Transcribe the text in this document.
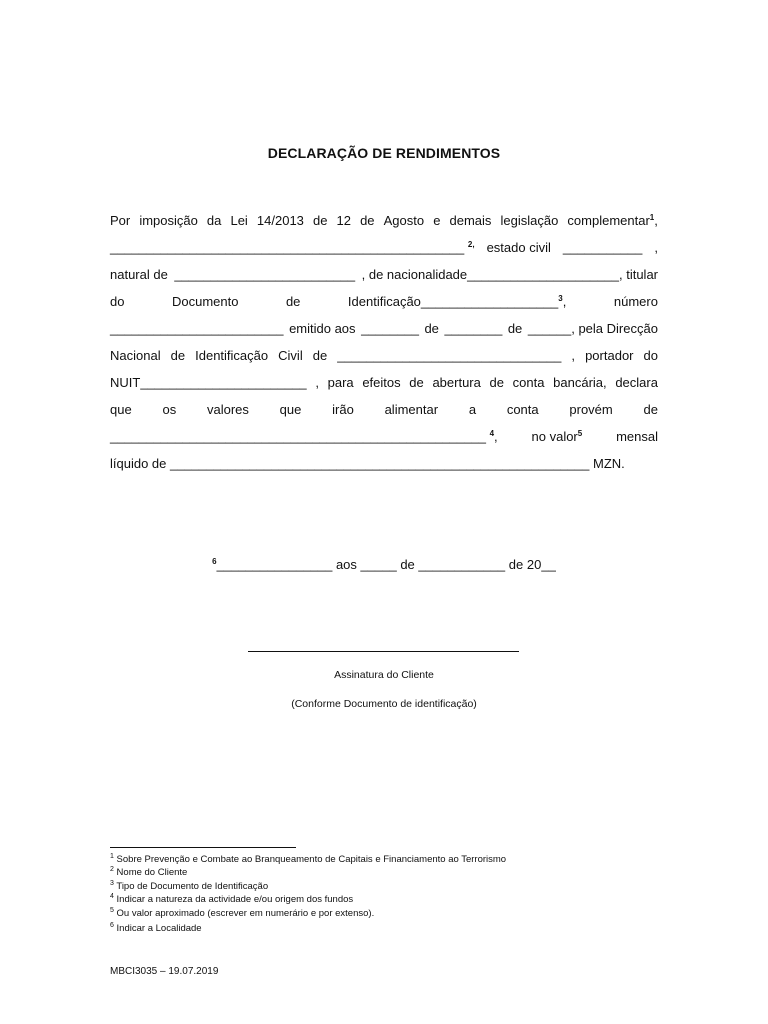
DECLARAÇÃO DE RENDIMENTOS
Por imposição da Lei 14/2013 de 12 de Agosto e demais legislação complementar$^1$,
_________________________________________________ $^{2,}$ estado civil ___________ ,
natural de _________________________ , de nacionalidade_____________________, titular
do	Documento	de	Identificação___________________$^3$,	número
________________________ emitido aos ________ de ________ de ______, pela Direcção
Nacional de Identificação Civil de _______________________________ , portador do
NUIT_______________________ , para efeitos de abertura de conta bancária, declara
que os valores que irão alimentar a conta provém de
____________________________________________________ $^4$,	no valor$^5$	mensal
líquido de __________________________________________________________ MZN.
$^6$________________ aos _____ de ____________ de 20__
Assinatura do Cliente
(Conforme Documento de identificação)
$^1$ Sobre Prevenção e Combate ao Branqueamento de Capitais e Financiamento ao Terrorismo
$^2$ Nome do Cliente
$^3$ Tipo de Documento de Identificação
$^4$ Indicar a natureza da actividade e/ou origem dos fundos
$^5$ Ou valor aproximado (escrever em numerário e por extenso).
$^6$ Indicar a Localidade
MBCI3035 – 19.07.2019
